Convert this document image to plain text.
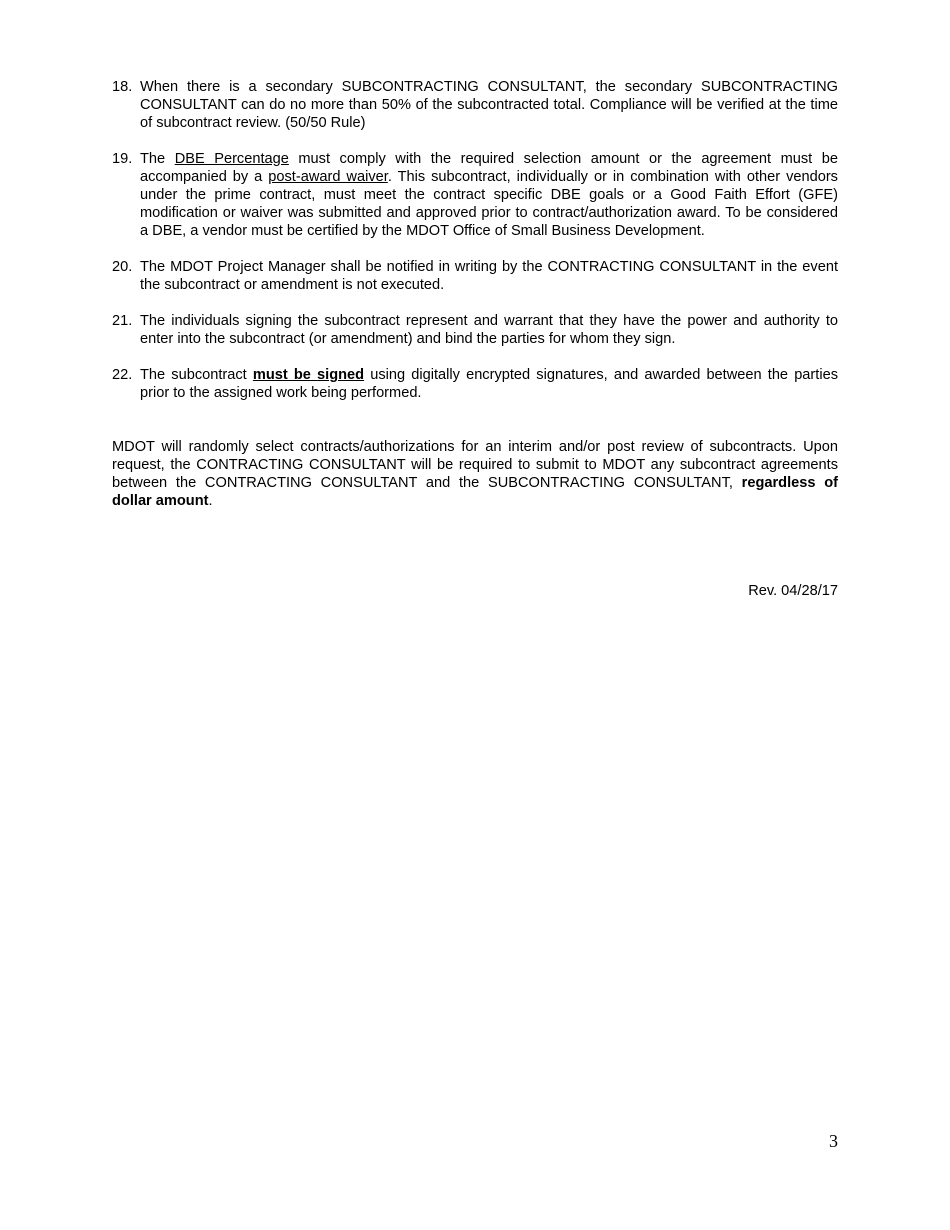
18. When there is a secondary SUBCONTRACTING CONSULTANT, the secondary SUBCONTRACTING CONSULTANT can do no more than 50% of the subcontracted total. Compliance will be verified at the time of subcontract review. (50/50 Rule)
19. The DBE Percentage must comply with the required selection amount or the agreement must be accompanied by a post-award waiver. This subcontract, individually or in combination with other vendors under the prime contract, must meet the contract specific DBE goals or a Good Faith Effort (GFE) modification or waiver was submitted and approved prior to contract/authorization award. To be considered a DBE, a vendor must be certified by the MDOT Office of Small Business Development.
20. The MDOT Project Manager shall be notified in writing by the CONTRACTING CONSULTANT in the event the subcontract or amendment is not executed.
21. The individuals signing the subcontract represent and warrant that they have the power and authority to enter into the subcontract (or amendment) and bind the parties for whom they sign.
22. The subcontract must be signed using digitally encrypted signatures, and awarded between the parties prior to the assigned work being performed.
MDOT will randomly select contracts/authorizations for an interim and/or post review of subcontracts. Upon request, the CONTRACTING CONSULTANT will be required to submit to MDOT any subcontract agreements between the CONTRACTING CONSULTANT and the SUBCONTRACTING CONSULTANT, regardless of dollar amount.
Rev. 04/28/17
3
